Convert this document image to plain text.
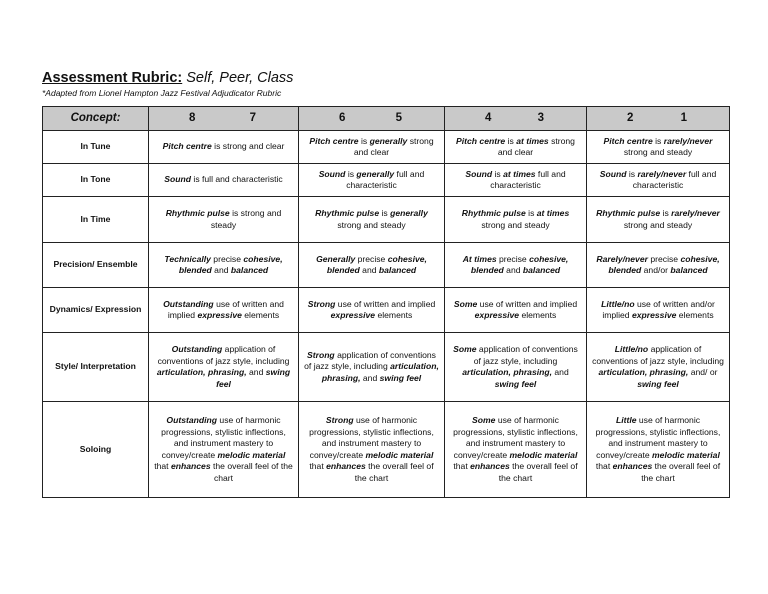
Assessment Rubric: Self, Peer, Class
*Adapted from Lionel Hampton Jazz Festival Adjudicator Rubric
Concept:	8 7	6 5	4 3	2 1

In Tune	Pitch centre is strong and clear	Pitch centre is generally strong and clear	Pitch centre is at times strong and clear	Pitch centre is rarely/never strong and steady
In Tone	Sound is full and characteristic	Sound is generally full and characteristic	Sound is at times full and characteristic	Sound is rarely/never full and characteristic
In Time	Rhythmic pulse is strong and steady	Rhythmic pulse is generally strong and steady	Rhythmic pulse is at times strong and steady	Rhythmic pulse is rarely/never strong and steady
Precision/ Ensemble	Technically precise cohesive, blended and balanced	Generally precise cohesive, blended and balanced	At times precise cohesive, blended and balanced	Rarely/never precise cohesive, blended and/or balanced
Dynamics/ Expression	Outstanding use of written and implied expressive elements	Strong use of written and implied expressive elements	Some use of written and implied expressive elements	Little/no use of written and/or implied expressive elements
Style/ Interpretation	Outstanding application of conventions of jazz style, including articulation, phrasing, and swing feel	Strong application of conventions of jazz style, including articulation, phrasing, and swing feel	Some application of conventions of jazz style, including articulation, phrasing, and swing feel	Little/no application of conventions of jazz style, including articulation, phrasing, and/ or swing feel
Soloing	Outstanding use of harmonic progressions, stylistic inflections, and instrument mastery to convey/create melodic material that enhances the overall feel of the chart	Strong use of harmonic progressions, stylistic inflections, and instrument mastery to convey/create melodic material that enhances the overall feel of the chart	Some use of harmonic progressions, stylistic inflections, and instrument mastery to convey/create melodic material that enhances the overall feel of the chart	Little use of harmonic progressions, stylistic inflections, and instrument mastery to convey/create melodic material that enhances the overall feel of the chart
